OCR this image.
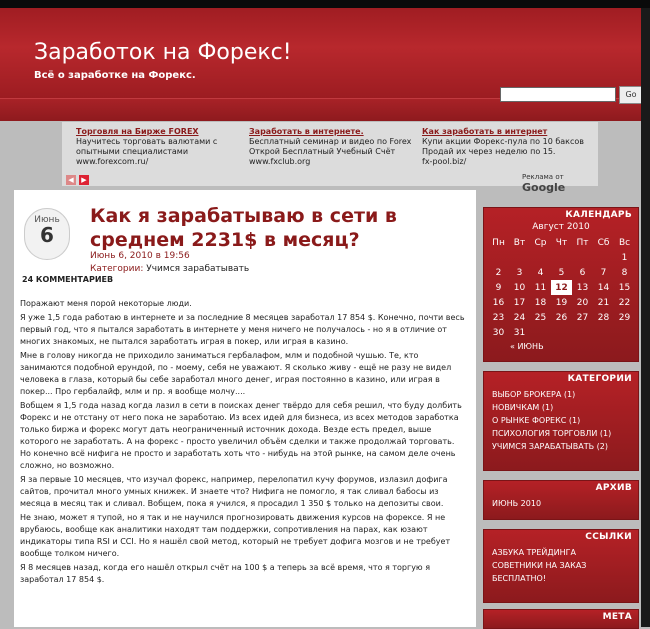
Заработок на Форекс!
Всё о заработке на Форекс.
Go
Торговля на Бирже FOREX
Научитесь торговать валютами с опытными специалистами
www.forexcom.ru/
Заработать в интернете.
Бесплатный семинар и видео по Forex Открой Бесплатный Учебный Счёт
www.fxclub.org
Как заработать в интернет
Купи акции Форекс-пула по 10 баксов Продай их через неделю по 15.
fx-pool.biz/
◀	▶	Реклама от Google
Июнь
6
Как я зарабатываю в сети в среднем 2231$ в месяц?
Июнь 6, 2010 в 19:56
Категории: Учимся зарабатывать
24 КОММЕНТАРИЕВ

Поражают меня порой некоторые люди.

Я уже 1,5 года работаю в интернете и за последние 8 месяцев заработал 17 854 $. Конечно, почти весь первый год, что я пытался заработать в интернете у меня ничего не получалось - но я в отличие от многих знакомых, не пытался заработать играя в покер, или играя в казино.

Мне в голову никогда не приходило заниматься гербалафом, млм и подобной чушью. Те, кто занимаются подобной ерундой, по - моему, себя не уважают. Я сколько живу - ещё не разу не видел человека в глаза, который бы себе заработал много денег, играя постоянно в казино, или играя в покер... Про гербалайф, млм и пр. я вообще молчу....

Вобщем я 1,5 года назад когда лазил в сети в поисках денег твёрдо для себя решил, что буду долбить Форекс и не отстану от него пока не заработаю. Из всех идей для бизнеса, из всех методов заработка только биржа и форекс могут дать неограниченный источник дохода. Везде есть предел, выше которого не заработать. А на форекс - просто увеличил объём сделки и также продолжай торговать. Но конечно всё нифига не просто и заработать хоть что - нибудь на этой рынке, на самом деле очень сложно, но возможно.

Я за первые 10 месяцев, что изучал форекс, например, перелопатил кучу форумов, излазил дофига сайтов, прочитал много умных книжек. И знаете что? Нифига не помогло, я так сливал бабосы из месяца в месяц так и сливал. Вобщем, пока я учился, я просадил 1 350 $ только на депозиты свои.

Не знаю, может я тупой, но я так и не научился прогнозировать движения курсов на форексе. Я не врубаюсь, вообще как аналитики находят там поддержки, сопротивления на парах, как юзают индикаторы типа RSI и CCI. Но я нашёл свой метод, который не требует дофига мозгов и не требует вообще толком ничего.

Я 8 месяцев назад, когда его нашёл открыл счёт на 100 $ а теперь за всё время, что я торгую я заработал 17 854 $.

КАЛЕНДАРЬ
Август 2010
Пн	Вт	Ср	Чт	Пт	Сб	Вс
						1
2	3	4	5	6	7	8
9	10	11	12	13	14	15
16	17	18	19	20	21	22
23	24	25	26	27	28	29
30	31					
« ИЮНЬ
КАТЕГОРИИ
ВЫБОР БРОКЕРА (1)
НОВИЧКАМ (1)
О РЫНКЕ ФОРЕКС (1)
ПСИХОЛОГИЯ ТОРГОВЛИ (1)
УЧИМСЯ ЗАРАБАТЫВАТЬ (2)
АРХИВ
ИЮНЬ 2010
ССЫЛКИ
АЗБУКА ТРЕЙДИНГА
СОВЕТНИКИ НА ЗАКАЗ
БЕСПЛАТНО!
МЕТА
